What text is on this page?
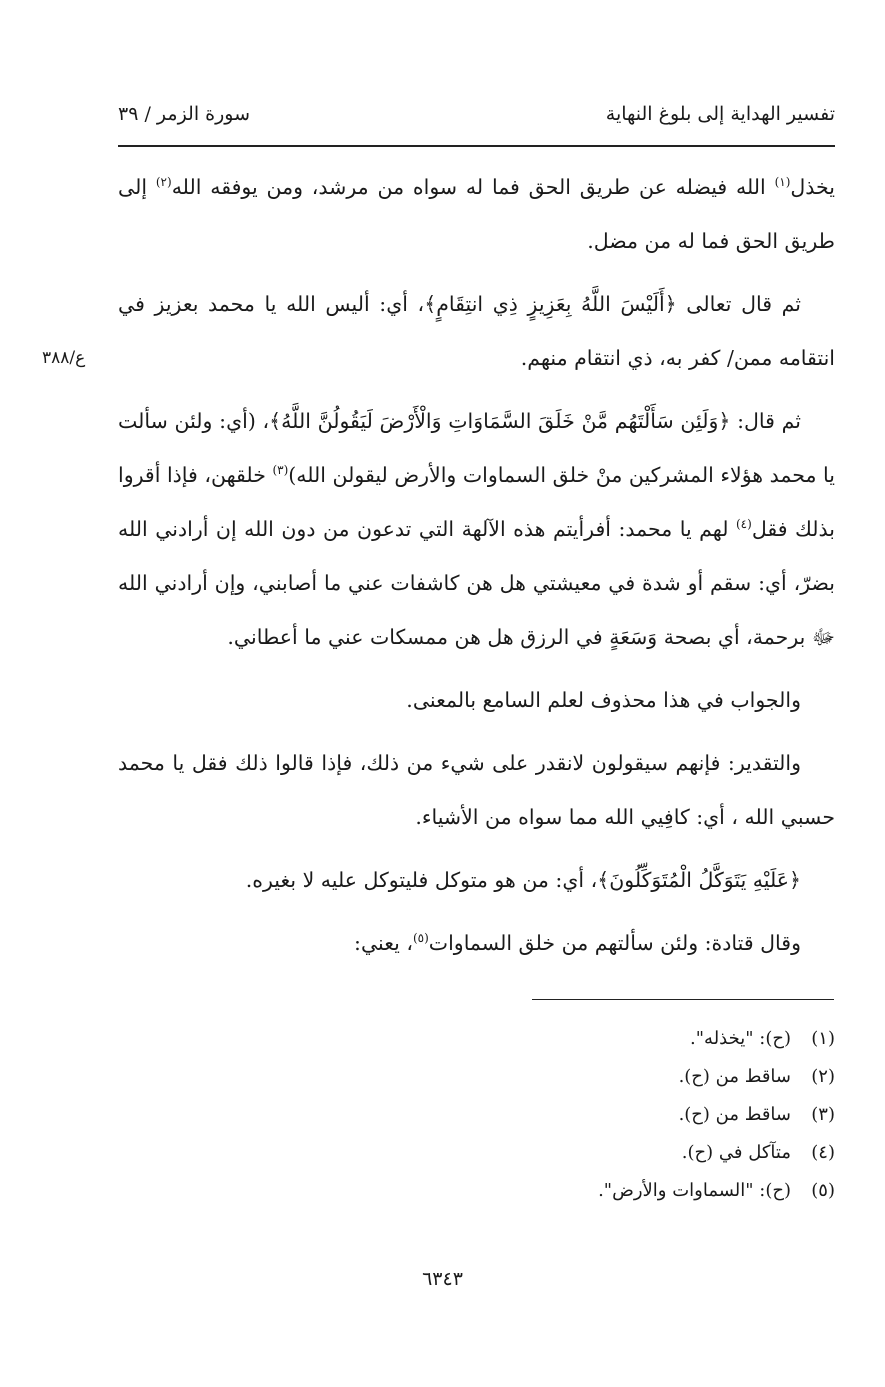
تفسير الهداية إلى بلوغ النهاية
سورة الزمر / ٣٩
ع/٣٨٨

يخذل$^{(١)}$ الله فيضله عن طريق الحق فما له سواه من مرشد، ومن يوفقه الله$^{(٢)}$ إلى طريق الحق فما له من مضل.

ثم قال تعالى ﴿أَلَيْسَ اللَّهُ بِعَزِيزٍ ذِي انتِقَامٍ﴾، أي: أليس الله يا محمد بعزيز في انتقامه ممن/ كفر به، ذي انتقام منهم.

ثم قال: ﴿وَلَئِن سَأَلْتَهُم مَّنْ خَلَقَ السَّمَاوَاتِ وَالْأَرْضَ لَيَقُولُنَّ اللَّهُ﴾، (أي: ولئن سألت يا محمد هؤلاء المشركين منْ خلق السماوات والأرض ليقولن الله)$^{(٣)}$ خلقهن، فإذا أقروا بذلك فقل$^{(٤)}$ لهم يا محمد: أفرأيتم هذه الآلهة التي تدعون من دون الله إن أرادني الله بضرّ، أي: سقم أو شدة في معيشتي هل هن كاشفات عني ما أصابني، وإن أرادني الله ﷻ برحمة، أي بصحة وَسَعَةٍ في الرزق هل هن ممسكات عني ما أعطاني.

والجواب في هذا محذوف لعلم السامع بالمعنى.

والتقدير: فإنهم سيقولون لانقدر على شيء من ذلك، فإذا قالوا ذلك فقل يا محمد حسبي الله ، أي: كافِيي الله مما سواه من الأشياء.

﴿عَلَيْهِ يَتَوَكَّلُ الْمُتَوَكِّلُونَ﴾، أي: من هو متوكل فليتوكل عليه لا بغيره.

وقال قتادة: ولئن سألتهم من خلق السماوات$^{(٥)}$، يعني:

(١)(ح): "يخذله".
(٢)ساقط من (ح).
(٣)ساقط من (ح).
(٤)متآكل في (ح).
(٥)(ح): "السماوات والأرض".
٦٣٤٣
